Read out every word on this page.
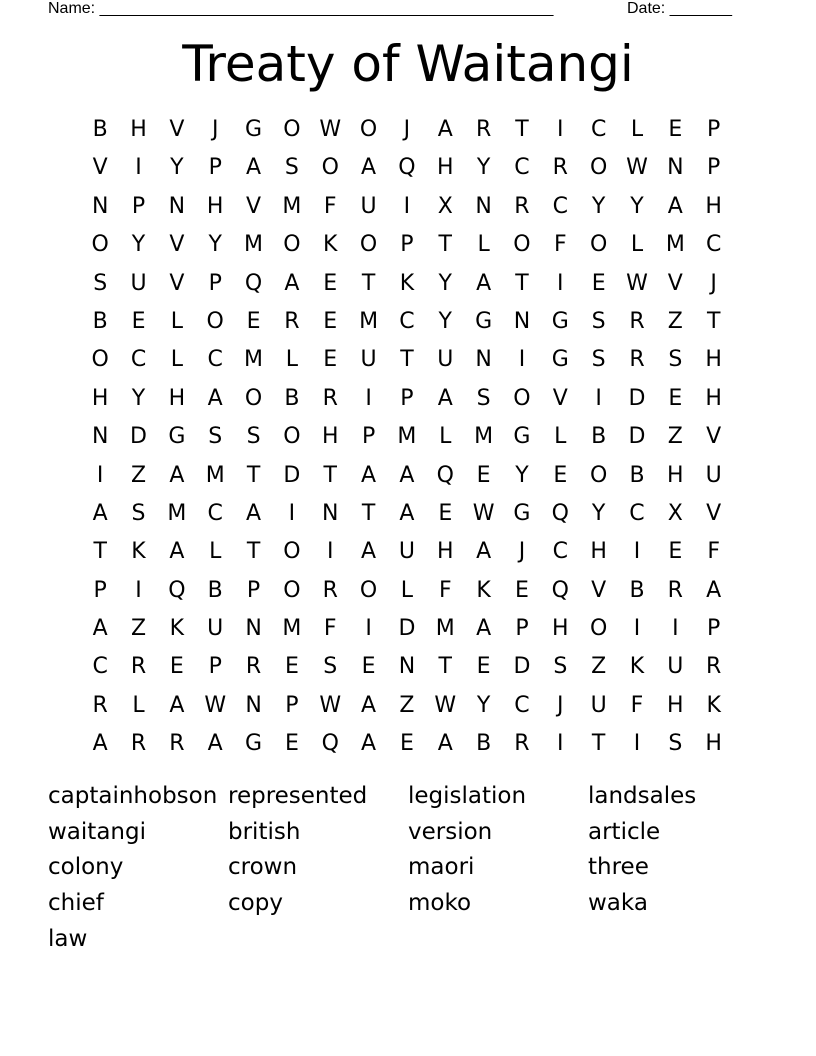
Name: ___________________________________________________	Date: _______
Treaty of Waitangi
B	H	V	J	G O W O	J	A	R	T	I	C	L	E	P
V	I	Y	P	A	S	O	A	Q H	Y	C	R	O W N	P
N	P	N H	V M	F	U	I	X	N	R	C	Y	Y	A	H
O	Y	V	Y	M O	K	O	P	T	L	O	F	O	L	M C
S	U	V	P	Q	A	E	T	K	Y	A	T	I	E W V	J
B	E	L	O	E	R	E M C	Y	G N G	S	R	Z	T
O	C	L	C M	L	E	U	T	U	N	I	G	S	R	S	H
H	Y	H	A	O	B	R	I	P	A	S	O	V	I	D	E	H
N D G	S	S	O H	P	M	L	M G	L	B	D	Z	V
I	Z	A M	T	D	T	A	A	Q	E	Y	E	O	B	H	U
A	S M C	A	I	N	T	A	E W G Q	Y	C	X	V
T	K	A	L	T	O	I	A	U	H	A	J	C	H	I	E	F
P	I	Q	B	P	O	R	O	L	F	K	E	Q	V	B	R	A
A	Z	K	U	N M	F	I	D M A	P	H O	I	I	P
C	R	E	P	R	E	S	E	N	T	E	D	S	Z	K	U	R
R	L	A W N	P W A	Z W Y	C	J	U	F	H	K
A	R	R	A	G	E	Q	A	E	A	B	R	I	T	I	S	H
captainhobson represented	legislation	landsales
waitangi	british	version	article
colony	crown	maori	three
chief	copy	moko	waka
law
